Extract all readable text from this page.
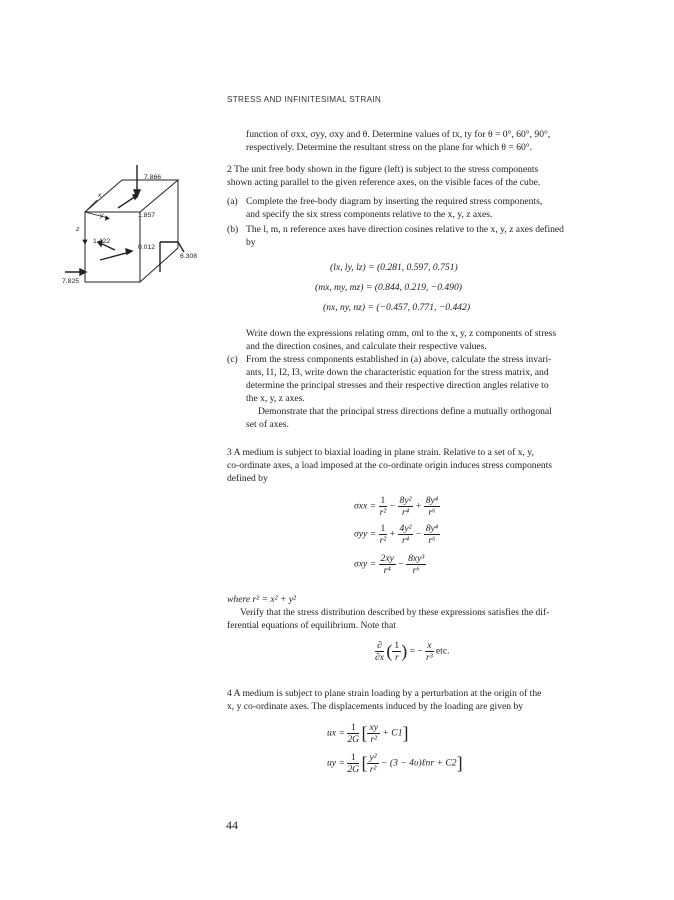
STRESS AND INFINITESIMAL STRAIN
function of σxx, σyy, σxy and θ. Determine values of tx, ty for θ = 0°, 60°, 90°,
respectively. Determine the resultant stress on the plane for which θ = 60°.
7.866
1.857
1.422
0.012
6.308
7.825
x
y
z
2 The unit free body shown in the figure (left) is subject to the stress components
shown acting parallel to the given reference axes, on the visible faces of the cube.
(a) Complete the free-body diagram by inserting the required stress components,
and specify the six stress components relative to the x, y, z axes.
(b) The l, m, n reference axes have direction cosines relative to the x, y, z axes defined
by
(lx, ly, lz) = (0.281, 0.597, 0.751)
(mx, my, mz) = (0.844, 0.219, −0.490)
(nx, ny, nz) = (−0.457, 0.771, −0.442)
Write down the expressions relating σmm, σnl to the x, y, z components of stress
and the direction cosines, and calculate their respective values.
(c) From the stress components established in (a) above, calculate the stress invari-
ants, I1, I2, I3, write down the characteristic equation for the stress matrix, and
determine the principal stresses and their respective direction angles relative to
the x, y, z axes.
Demonstrate that the principal stress directions define a mutually orthogonal
set of axes.
3 A medium is subject to biaxial loading in plane strain. Relative to a set of x, y,
co-ordinate axes, a load imposed at the co-ordinate origin induces stress components
defined by
$\sigma xx = \frac{1}{\text{r²}} - \frac{\text{8y²}}{\text{r⁴}} + \frac{\text{8y⁴}}{\text{r⁶}}$
$\sigma yy = \frac{1}{\text{r²}} + \frac{\text{4y²}}{\text{r⁴}} - \frac{\text{8y⁴}}{\text{r⁶}}$
$\sigma xy = \frac{2xy}{\text{r⁴}} - \frac{\text{8xy³}}{\text{r⁶}}$
where r² = x² + y²
Verify that the stress distribution described by these expressions satisfies the dif-
ferential equations of equilibrium. Note that
$\frac{\partial}{\partial x}$ ( $\frac{1}{r}$ ) = − $\frac{x}{\text{r³}}$ etc.
4 A medium is subject to plane strain loading by a perturbation at the origin of the
x, y co-ordinate axes. The displacements induced by the loading are given by
ux = $\frac{1}{2G}$ [ $\frac{xy}{\text{r²}} + C1$]
uy = $\frac{1}{2G}$ [ $\frac{\text{y²}}{\text{r²}} - (3$ − 4υ)ℓnr + C2]
44
